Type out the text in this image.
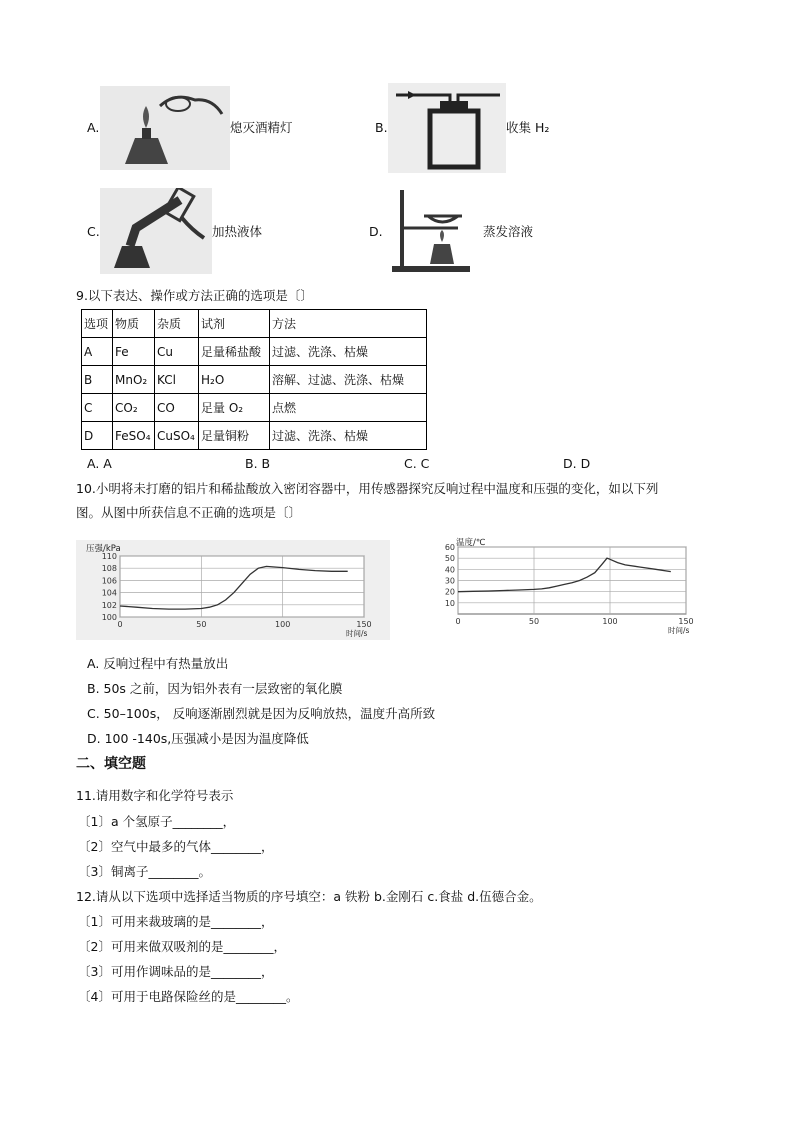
A.	熄灭酒精灯	B.	收集 H₂
C.	加热液体	D.	蒸发溶液
9.以下表达、操作或方法正确的选项是〔〕
选项	物质	杂质	试剂	方法
A	Fe	Cu	足量稀盐酸	过滤、洗涤、枯燥
B	MnO₂	KCl	H₂O	溶解、过滤、洗涤、枯燥
C	CO₂	CO	足量 O₂	点燃
D	FeSO₄	CuSO₄	足量铜粉	过滤、洗涤、枯燥
A. A	B. B	C. C	D. D
10.小明将未打磨的铝片和稀盐酸放入密闭容器中，用传感器探究反响过程中温度和压强的变化，如以下列
图。从图中所获信息不正确的选项是〔〕
100
102
104
106
108
110
0	50	100	150
压强/kPa
时间/s
10
20
30
40
50
60
0	50	100	150
温度/℃
时间/s
A. 反响过程中有热量放出
B. 50s 之前，因为铝外表有一层致密的氧化膜
C. 50–100s， 反响逐渐剧烈就是因为反响放热，温度升高所致
D. 100 -140s,压强减小是因为温度降低
二、填空题
11.请用数字和化学符号表示
〔1〕a 个氢原子________，
〔2〕空气中最多的气体________，
〔3〕铜离子________。
12.请从以下选项中选择适当物质的序号填空：a 铁粉 b.金刚石 c.食盐 d.伍德合金。
〔1〕可用来裁玻璃的是________，
〔2〕可用来做双吸剂的是________，
〔3〕可用作调味品的是________，
〔4〕可用于电路保险丝的是________。
